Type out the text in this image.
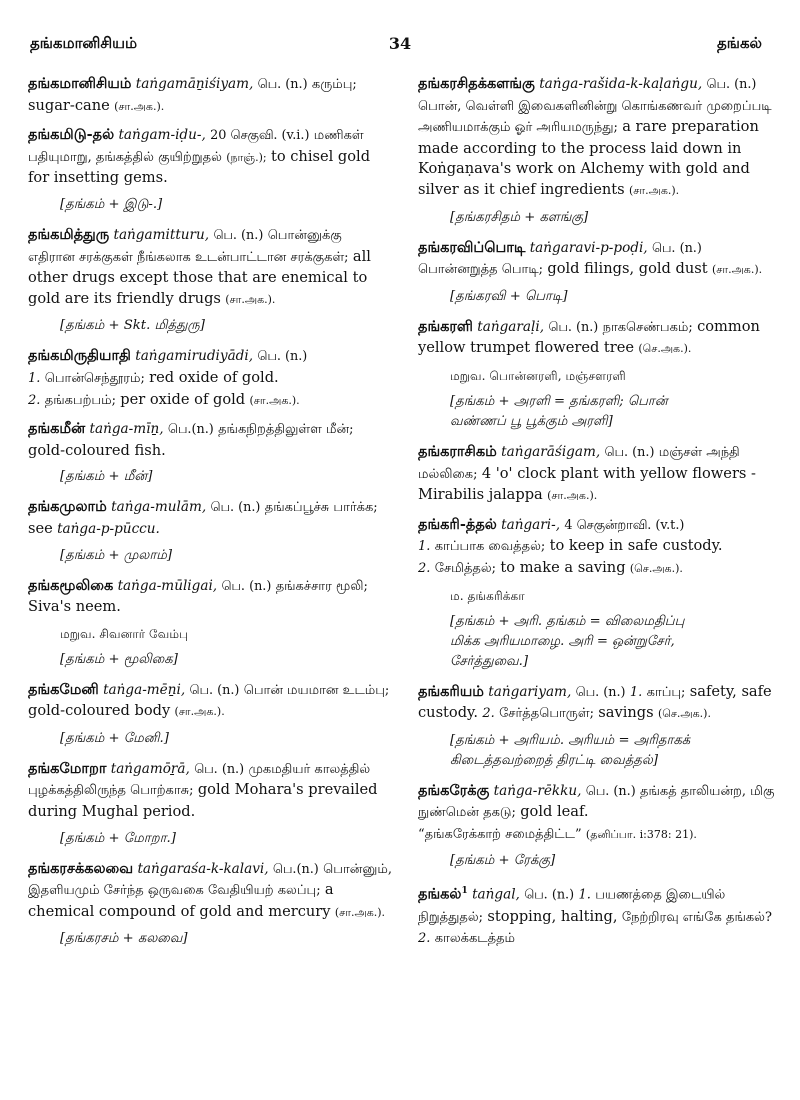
தங்கமானிசியம்	34	தங்கல்
தங்கமானிசியம் taṅgamāṉiśiyam, பெ. (n.) கரும்பு; sugar-cane (சா.அக.).
தங்கமிடு-தல் taṅgam-iḍu-, 20 செகுவி. (v.i.) மணிகள் பதியுமாறு, தங்கத்தில் குயிற்றுதல் (நாஞ்.); to chisel gold for insetting gems.
[தங்கம் + இடு-.]
தங்கமித்துரு taṅgamitturu, பெ. (n.) பொன்னுக்கு எதிரான சரக்குகள் நீங்கலாக உடன்பாட்டான சரக்குகள்; all other drugs except those that are enemical to gold are its friendly drugs (சா.அக.).
[தங்கம் + Skt. மித்துரு]
தங்கமிருதியாதி taṅgamirudiyādi, பெ. (n.)
1. பொன்செந்தூரம்; red oxide of gold.
2. தங்கபற்பம்; per oxide of gold (சா.அக.).
தங்கமீன் taṅga-mīṉ, பெ.(n.) தங்கநிறத்திலுள்ள மீன்; gold-coloured fish.
[தங்கம் + மீன்]
தங்கமுலாம் taṅga-mulām, பெ. (n.) தங்கப்பூச்சு பார்க்க; see taṅga-p-pūccu.
[தங்கம் + முலாம்]
தங்கமூலிகை taṅga-mūligai, பெ. (n.) தங்கச்சார மூலி; Siva's neem.
மறுவ. சிவனார் வேம்பு
[தங்கம் + மூலிகை]
தங்கமேனி taṅga-mēṉi, பெ. (n.) பொன் மயமான உடம்பு; gold-coloured body (சா.அக.).
[தங்கம் + மேனி.]
தங்கமோறா taṅgamōṟā, பெ. (n.) முகமதியர் காலத்தில் புழக்கத்திலிருந்த பொற்காசு; gold Mohara's prevailed during Mughal period.
[தங்கம் + மோறா.]
தங்கரசக்கலவை taṅgaraśa-k-kalavi, பெ.(n.) பொன்னும், இதளியமும் சேர்ந்த ஒருவகை வேதியியற் கலப்பு; a chemical compound of gold and mercury (சா.அக.).
[தங்கரசம் + கலவை]
தங்கரசிதக்களங்கு taṅga-rašida-k-kaḷaṅgu, பெ. (n.) பொன், வெள்ளி இவைகளினின்று கொங்கணவர் முறைப்படி அணியமாக்கும் ஓர் அரியமருந்து; a rare preparation made according to the process laid down in Koṅgaṇava's work on Alchemy with gold and silver as it chief ingredients (சா.அக.).
[தங்கரசிதம் + களங்கு]
தங்கரவிப்பொடி taṅgaravi-p-poḍi, பெ. (n.) பொன்னறுத்த பொடி; gold filings, gold dust (சா.அக.).
[தங்கரவி + பொடி]
தங்கரளி taṅgaraḷi, பெ. (n.) நாகசெண்பகம்; common yellow trumpet flowered tree (செ.அக.).
மறுவ. பொன்னரளி, மஞ்சளரளி
[தங்கம் + அரளி = தங்கரளி; பொன்
வண்ணப் பூ பூக்கும் அரளி]
தங்கராசிகம் taṅgarāśigam, பெ. (n.) மஞ்சள் அந்தி மல்லிகை; 4 'o' clock plant with yellow flowers - Mirabilis jalappa (சா.அக.).
தங்கரி-த்தல் taṅgari-, 4 செகுன்றாவி. (v.t.)
1. காப்பாக வைத்தல்; to keep in safe custody.
2. சேமித்தல்; to make a saving (செ.அக.).
ம. தங்கரிக்கா
[தங்கம் + அரி. தங்கம் = விலைமதிப்பு
மிக்க அரியமாழை. அரி = ஒன்றுசேர்,
சேர்த்துவை.]
தங்கரியம் taṅgariyam, பெ. (n.) 1. காப்பு; safety, safe custody. 2. சேர்த்தபொருள்; savings (செ.அக.).
[தங்கம் + அரியம். அரியம் = அரிதாகக்
கிடைத்தவற்றைத் திரட்டி வைத்தல்]
தங்கரேக்கு taṅga-rēkku, பெ. (n.) தங்கத் தாலியன்ற, மிகு நுண்மென் தகடு; gold leaf.
“தங்கரேக்காற் சமைத்திட்ட” (தனிப்பா. i:378: 21).
[தங்கம் + ரேக்கு]
தங்கல்$^1$ taṅgal, பெ. (n.) 1. பயணத்தை இடையில் நிறுத்துதல்; stopping, halting, நேற்றிரவு எங்கே தங்கல்? 2. காலக்கடத்தம்
